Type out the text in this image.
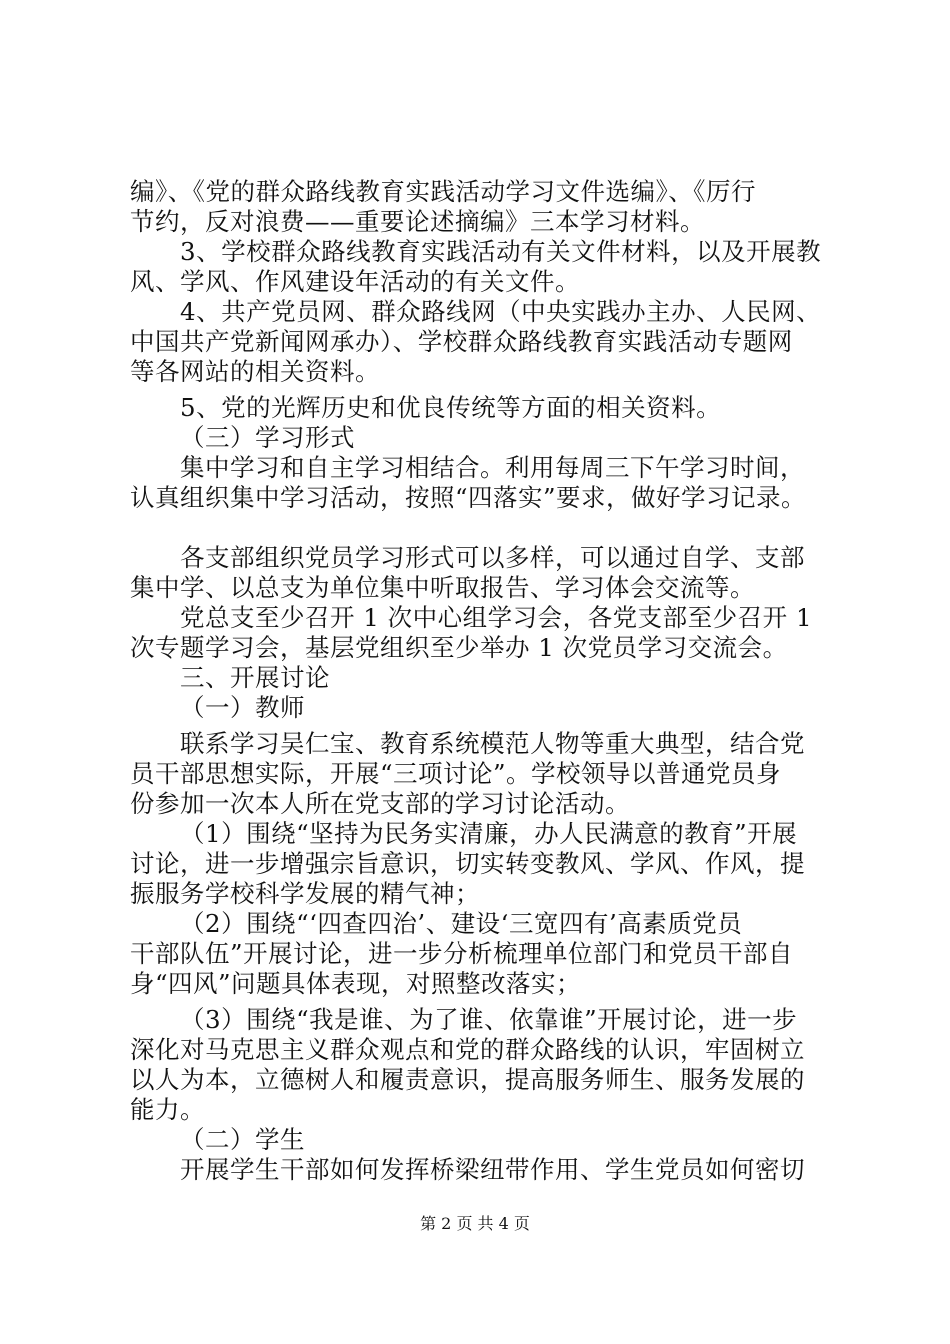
编》、《党的群众路线教育实践活动学习文件选编》、《厉行
节约，反对浪费——重要论述摘编》三本学习材料。
3、学校群众路线教育实践活动有关文件材料，以及开展教
风、学风、作风建设年活动的有关文件。
4、共产党员网、群众路线网（中央实践办主办、人民网、
中国共产党新闻网承办）、学校群众路线教育实践活动专题网
等各网站的相关资料。
5、党的光辉历史和优良传统等方面的相关资料。
（三）学习形式
集中学习和自主学习相结合。利用每周三下午学习时间，
认真组织集中学习活动，按照“四落实”要求，做好学习记录。
各支部组织党员学习形式可以多样，可以通过自学、支部
集中学、以总支为单位集中听取报告、学习体会交流等。
党总支至少召开 1 次中心组学习会，各党支部至少召开 1
次专题学习会，基层党组织至少举办 1 次党员学习交流会。
三、开展讨论
（一）教师
联系学习吴仁宝、教育系统模范人物等重大典型，结合党
员干部思想实际，开展“三项讨论”。学校领导以普通党员身
份参加一次本人所在党支部的学习讨论活动。
（1）围绕“坚持为民务实清廉，办人民满意的教育”开展
讨论，进一步增强宗旨意识，切实转变教风、学风、作风，提
振服务学校科学发展的精气神；
（2）围绕“‘四查四治’、建设‘三宽四有’高素质党员
干部队伍”开展讨论，进一步分析梳理单位部门和党员干部自
身“四风”问题具体表现，对照整改落实；
（3）围绕“我是谁、为了谁、依靠谁”开展讨论，进一步
深化对马克思主义群众观点和党的群众路线的认识，牢固树立
以人为本，立德树人和履责意识，提高服务师生、服务发展的
能力。
（二）学生
开展学生干部如何发挥桥梁纽带作用、学生党员如何密切
第 2 页 共 4 页
